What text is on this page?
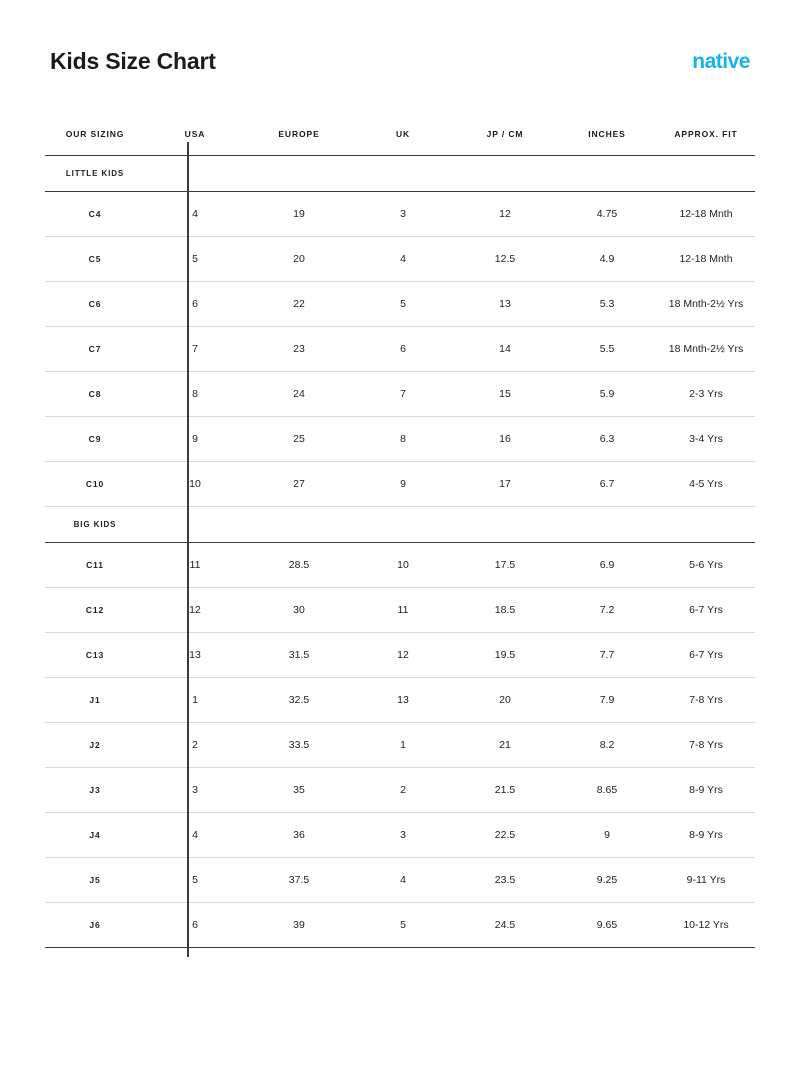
Kids Size Chart	native
OUR SIZING	USA	EUROPE	UK	JP / CM	INCHES	APPROX. FIT
LITTLE KIDS						
C4	4	19	3	12	4.75	12-18 Mnth
C5	5	20	4	12.5	4.9	12-18 Mnth
C6	6	22	5	13	5.3	18 Mnth-2½ Yrs
C7	7	23	6	14	5.5	18 Mnth-2½ Yrs
C8	8	24	7	15	5.9	2-3 Yrs
C9	9	25	8	16	6.3	3-4 Yrs
C10	10	27	9	17	6.7	4-5 Yrs
BIG KIDS						
C11	11	28.5	10	17.5	6.9	5-6 Yrs
C12	12	30	11	18.5	7.2	6-7 Yrs
C13	13	31.5	12	19.5	7.7	6-7 Yrs
J1	1	32.5	13	20	7.9	7-8 Yrs
J2	2	33.5	1	21	8.2	7-8 Yrs
J3	3	35	2	21.5	8.65	8-9 Yrs
J4	4	36	3	22.5	9	8-9 Yrs
J5	5	37.5	4	23.5	9.25	9-11 Yrs
J6	6	39	5	24.5	9.65	10-12 Yrs
